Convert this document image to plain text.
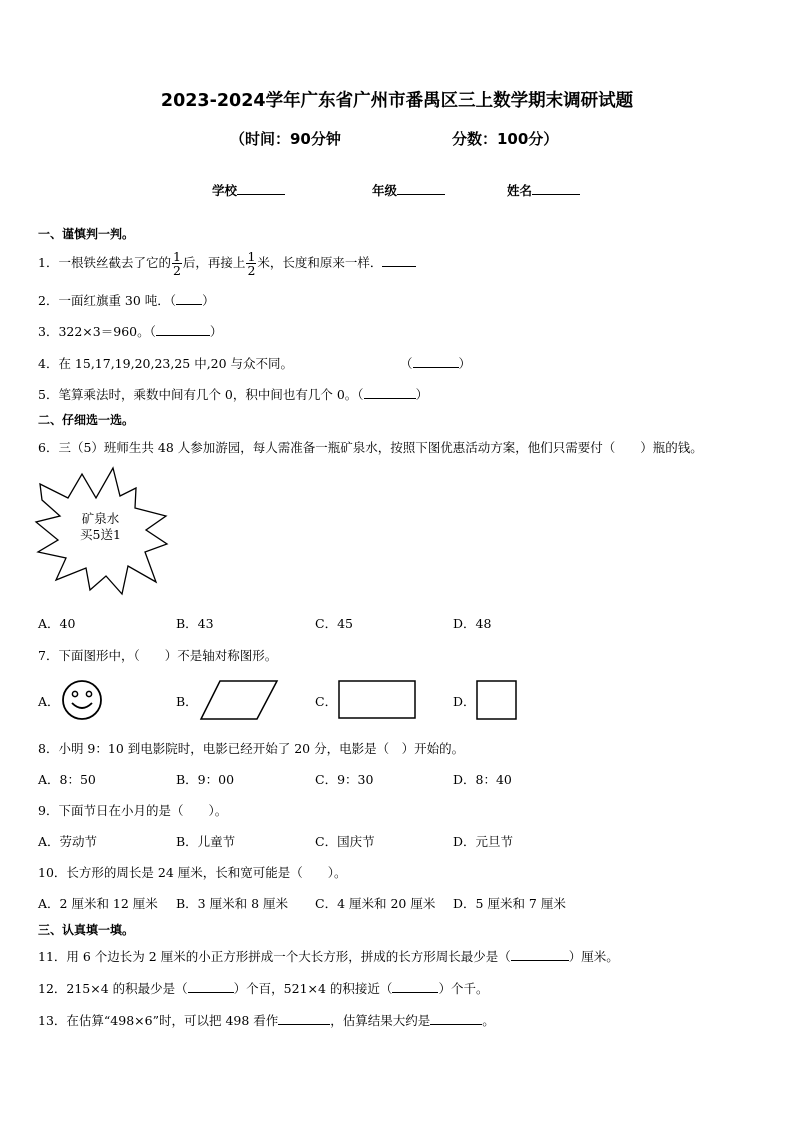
2023-2024学年广东省广州市番禺区三上数学期末调研试题
（时间：90分钟	分数：100分）
学校	年级	姓名
一、谨慎判一判。
1．一根铁丝截去了它的 $\frac{1}{2}$ 后，再接上 $\frac{1}{2}$ 米，长度和原来一样．
2．一面红旗重 30 吨．（ ）
3．322×3＝960。（	）
4．在 15,17,19,20,23,25 中,20 与众不同。	（	）
5．笔算乘法时，乘数中间有几个 0，积中间也有几个 0。（	）
二、仔细选一选。
6．三（5）班师生共 48 人参加游园，每人需准备一瓶矿泉水，按照下图优惠活动方案，他们只需要付（　　）瓶的钱。
矿泉水
买5送1
A．40	B．43	C．45	D．48
7．下面图形中，（　　）不是轴对称图形。
A．	B．	C．	D．
8．小明 9：10 到电影院时，电影已经开始了 20 分，电影是（　）开始的。
A．8：50	B．9：00	C．9：30	D．8：40
9．下面节日在小月的是（　　）。
A．劳动节	B．儿童节	C．国庆节	D．元旦节
10．长方形的周长是 24 厘米，长和宽可能是（　　）。
A．2 厘米和 12 厘米 B．3 厘米和 8 厘米 C．4 厘米和 20 厘米 D．5 厘米和 7 厘米
三、认真填一填。
11．用 6 个边长为 2 厘米的小正方形拼成一个大长方形，拼成的长方形周长最少是（	）厘米。
12．215×4 的积最少是（	）个百，521×4 的积接近（	）个千。
13．在估算“498×6”时，可以把 498 看作	，估算结果大约是	。
